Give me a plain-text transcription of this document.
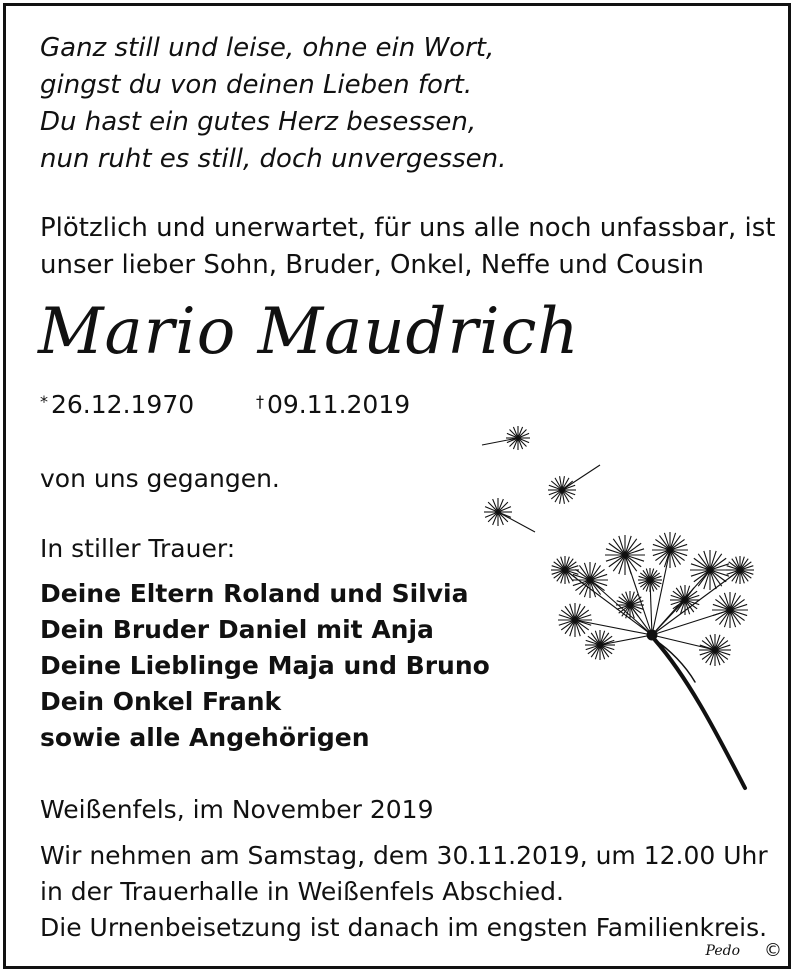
Ganz still und leise, ohne ein Wort,
gingst du von deinen Lieben fort.
Du hast ein gutes Herz besessen,
nun ruht es still, doch unvergessen.
Plötzlich und unerwartet, für uns alle noch unfassbar, ist
unser lieber Sohn, Bruder, Onkel, Neffe und Cousin
Mario Maudrich
* 26.12.1970	† 09.11.2019
von uns gegangen.
In stiller Trauer:
Deine Eltern Roland und Silvia
Dein Bruder Daniel mit Anja
Deine Lieblinge Maja und Bruno
Dein Onkel Frank
sowie alle Angehörigen
Weißenfels, im November 2019
Wir nehmen am Samstag, dem 30.11.2019, um 12.00 Uhr
in der Trauerhalle in Weißenfels Abschied.
Die Urnenbeisetzung ist danach im engsten Familienkreis.
Pedo ©
